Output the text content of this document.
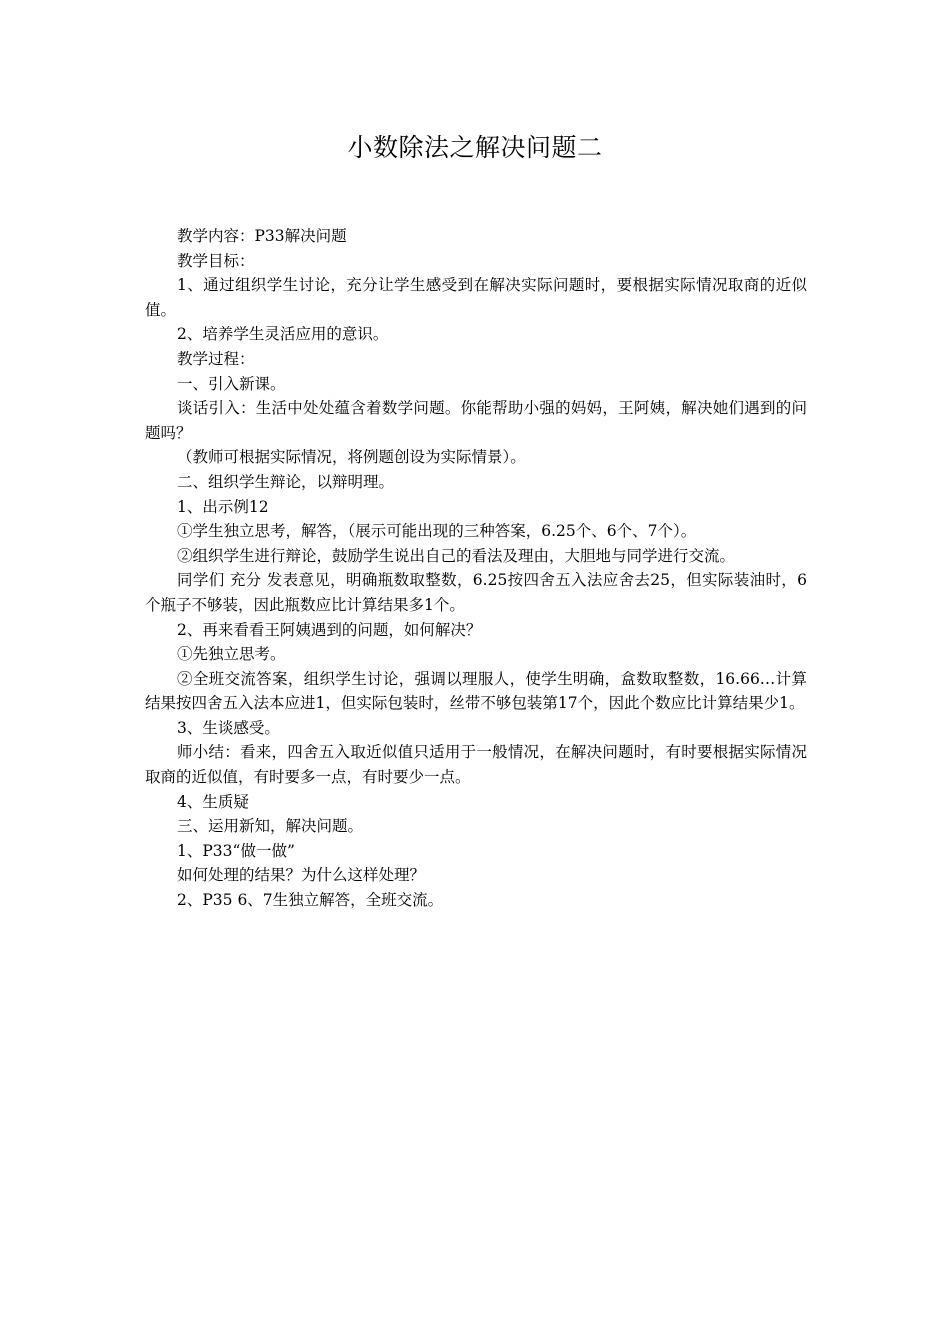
小数除法之解决问题二

教学内容：P33解决问题

教学目标：

1、通过组织学生讨论，充分让学生感受到在解决实际问题时，要根据实际情况取商的近似值。

2、培养学生灵活应用的意识。

教学过程：

一、引入新课。

谈话引入：生活中处处蕴含着数学问题。你能帮助小强的妈妈，王阿姨，解决她们遇到的问题吗？

（教师可根据实际情况，将例题创设为实际情景）。

二、组织学生辩论，以辩明理。

1、出示例12

①学生独立思考，解答，（展示可能出现的三种答案，6.25个、6个、7个）。

②组织学生进行辩论，鼓励学生说出自己的看法及理由，大胆地与同学进行交流。

同学们 充分 发表意见，明确瓶数取整数，6.25按四舍五入法应舍去25，但实际装油时，6个瓶子不够装，因此瓶数应比计算结果多1个。

2、再来看看王阿姨遇到的问题，如何解决？

①先独立思考。

②全班交流答案，组织学生讨论，强调以理服人，使学生明确，盒数取整数，16.66…计算结果按四舍五入法本应进1，但实际包装时，丝带不够包装第17个，因此个数应比计算结果少1。

3、生谈感受。

师小结：看来，四舍五入取近似值只适用于一般情况，在解决问题时，有时要根据实际情况取商的近似值，有时要多一点，有时要少一点。

4、生质疑

三、运用新知，解决问题。

1、P33“做一做”

如何处理的结果？为什么这样处理？

2、P35 6、7生独立解答，全班交流。
